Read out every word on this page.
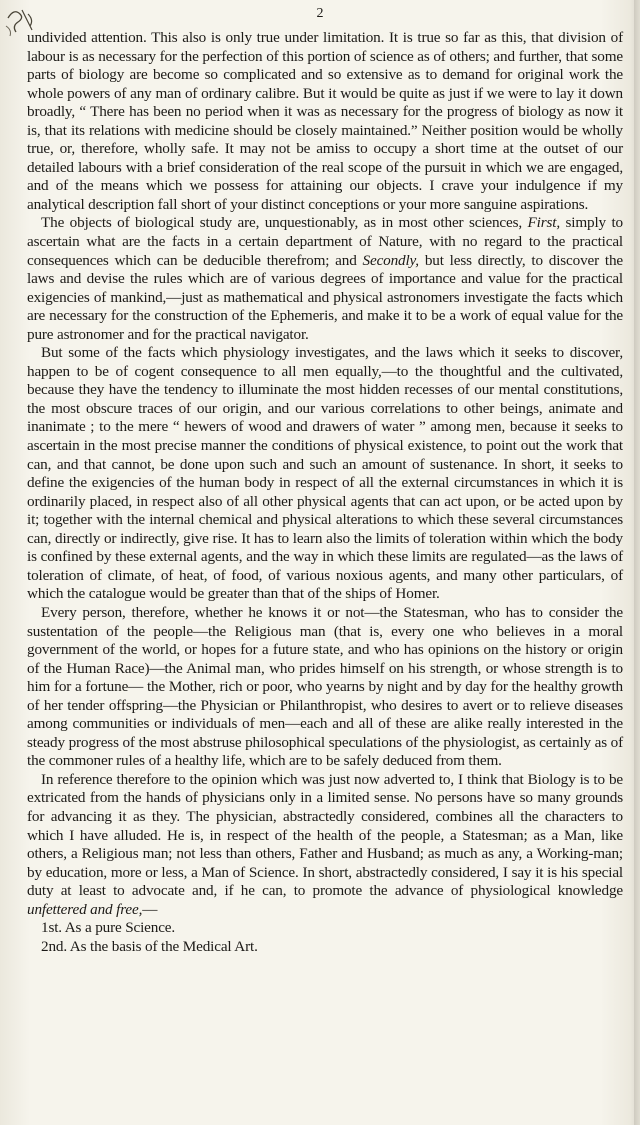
2

undivided attention. This also is only true under limitation. It is true so far as this, that division of labour is as necessary for the perfection of this portion of science as of others; and further, that some parts of biology are become so complicated and so extensive as to demand for original work the whole powers of any man of ordinary calibre. But it would be quite as just if we were to lay it down broadly, “ There has been no period when it was as necessary for the progress of biology as now it is, that its relations with medicine should be closely maintained.” Neither position would be wholly true, or, therefore, wholly safe. It may not be amiss to occupy a short time at the outset of our detailed labours with a brief consideration of the real scope of the pursuit in which we are engaged, and of the means which we possess for attaining our objects. I crave your indulgence if my analytical description fall short of your distinct conceptions or your more sanguine aspirations.

The objects of biological study are, unquestionably, as in most other sciences, First, simply to ascertain what are the facts in a certain department of Nature, with no regard to the practical consequences which can be deducible therefrom; and Secondly, but less directly, to discover the laws and devise the rules which are of various degrees of importance and value for the practical exigencies of mankind,—just as mathematical and physical astronomers investigate the facts which are necessary for the construction of the Ephemeris, and make it to be a work of equal value for the pure astronomer and for the practical navigator.

But some of the facts which physiology investigates, and the laws which it seeks to discover, happen to be of cogent consequence to all men equally,—to the thoughtful and the cultivated, because they have the tendency to illuminate the most hidden recesses of our mental constitutions, the most obscure traces of our origin, and our various correlations to other beings, animate and inanimate ; to the mere “ hewers of wood and drawers of water ” among men, because it seeks to ascertain in the most precise manner the conditions of physical existence, to point out the work that can, and that cannot, be done upon such and such an amount of sustenance. In short, it seeks to define the exigencies of the human body in respect of all the external circumstances in which it is ordinarily placed, in respect also of all other physical agents that can act upon, or be acted upon by it; together with the internal chemical and physical alterations to which these several circumstances can, directly or indirectly, give rise. It has to learn also the limits of toleration within which the body is confined by these external agents, and the way in which these limits are regulated—as the laws of toleration of climate, of heat, of food, of various noxious agents, and many other particulars, of which the catalogue would be greater than that of the ships of Homer.

Every person, therefore, whether he knows it or not—the Statesman, who has to consider the sustentation of the people—the Religious man (that is, every one who believes in a moral government of the world, or hopes for a future state, and who has opinions on the history or origin of the Human Race)—the Animal man, who prides himself on his strength, or whose strength is to him for a fortune— the Mother, rich or poor, who yearns by night and by day for the healthy growth of her tender offspring—the Physician or Philanthropist, who desires to avert or to relieve diseases among communities or individuals of men—each and all of these are alike really interested in the steady progress of the most abstruse philosophical speculations of the physiologist, as certainly as of the commoner rules of a healthy life, which are to be safely deduced from them.

In reference therefore to the opinion which was just now adverted to, I think that Biology is to be extricated from the hands of physicians only in a limited sense. No persons have so many grounds for advancing it as they. The physician, abstractedly considered, combines all the characters to which I have alluded. He is, in respect of the health of the people, a Statesman; as a Man, like others, a Religious man; not less than others, Father and Husband; as much as any, a Working-man; by education, more or less, a Man of Science. In short, abstractedly considered, I say it is his special duty at least to advocate and, if he can, to promote the advance of physiological knowledge unfettered and free,—

1st. As a pure Science.

2nd. As the basis of the Medical Art.
